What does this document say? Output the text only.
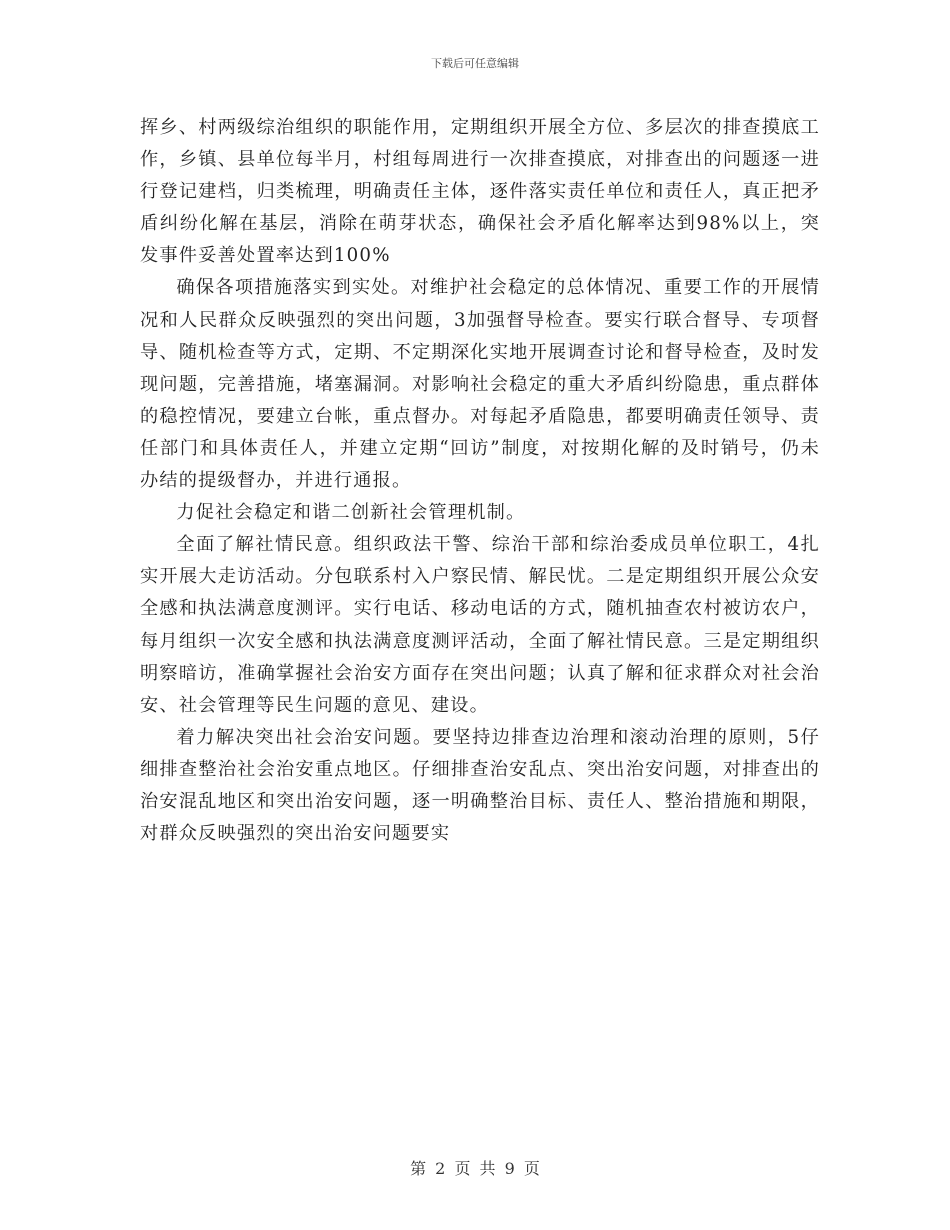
下载后可任意编辑

挥乡、村两级综治组织的职能作用，定期组织开展全方位、多层次的排查摸底工作，乡镇、县单位每半月，村组每周进行一次排查摸底，对排查出的问题逐一进行登记建档，归类梳理，明确责任主体，逐件落实责任单位和责任人，真正把矛盾纠纷化解在基层，消除在萌芽状态，确保社会矛盾化解率达到98%以上，突发事件妥善处置率达到100%

确保各项措施落实到实处。对维护社会稳定的总体情况、重要工作的开展情况和人民群众反映强烈的突出问题，3加强督导检查。要实行联合督导、专项督导、随机检查等方式，定期、不定期深化实地开展调查讨论和督导检查，及时发现问题，完善措施，堵塞漏洞。对影响社会稳定的重大矛盾纠纷隐患，重点群体的稳控情况，要建立台帐，重点督办。对每起矛盾隐患，都要明确责任领导、责任部门和具体责任人，并建立定期“回访”制度，对按期化解的及时销号，仍未办结的提级督办，并进行通报。

力促社会稳定和谐二创新社会管理机制。

全面了解社情民意。组织政法干警、综治干部和综治委成员单位职工，4扎实开展大走访活动。分包联系村入户察民情、解民忧。二是定期组织开展公众安全感和执法满意度测评。实行电话、移动电话的方式，随机抽查农村被访农户，每月组织一次安全感和执法满意度测评活动，全面了解社情民意。三是定期组织明察暗访，准确掌握社会治安方面存在突出问题；认真了解和征求群众对社会治安、社会管理等民生问题的意见、建设。

着力解决突出社会治安问题。要坚持边排查边治理和滚动治理的原则，5仔细排查整治社会治安重点地区。仔细排查治安乱点、突出治安问题，对排查出的治安混乱地区和突出治安问题，逐一明确整治目标、责任人、整治措施和期限，对群众反映强烈的突出治安问题要实

第 2 页 共 9 页
